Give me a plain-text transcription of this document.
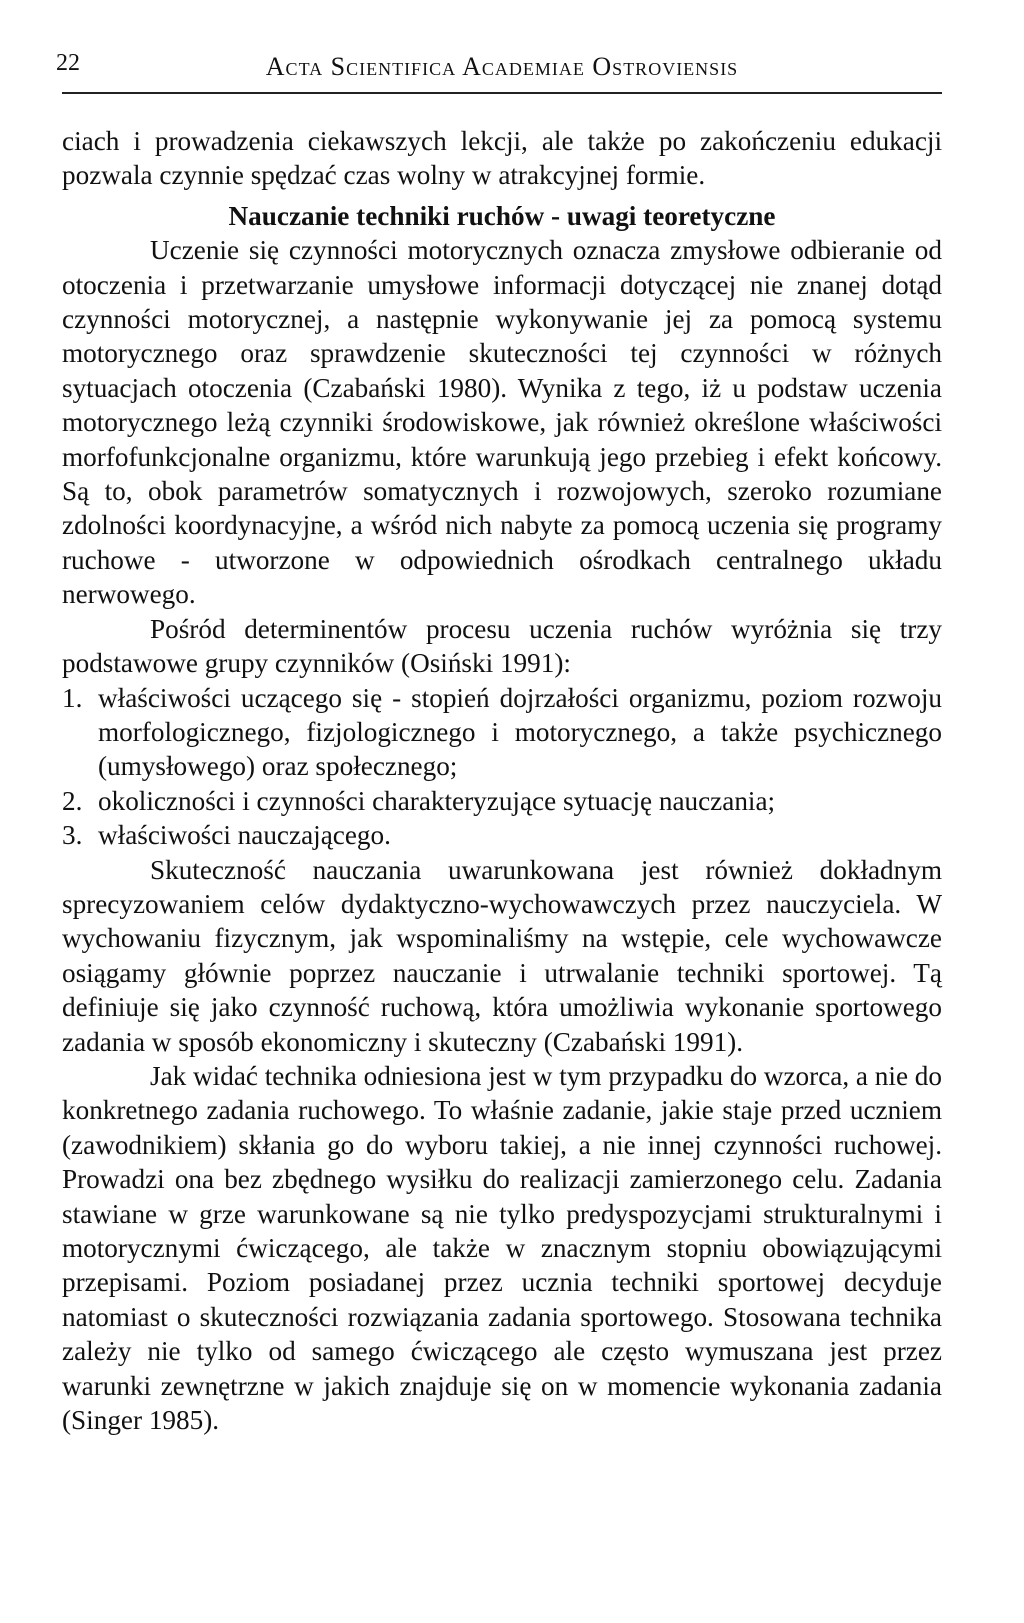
22	Acta Scientifica Academiae Ostroviensis

ciach i prowadzenia ciekawszych lekcji, ale także po zakończeniu edukacji pozwala czynnie spędzać czas wolny w atrakcyjnej formie.

Nauczanie techniki ruchów - uwagi teoretyczne

Uczenie się czynności motorycznych oznacza zmysłowe odbieranie od otoczenia i przetwarzanie umysłowe informacji dotyczącej nie znanej dotąd czynności motorycznej, a następnie wykonywanie jej za pomocą systemu motorycznego oraz sprawdzenie skuteczności tej czynności w różnych sytuacjach otoczenia (Czabański 1980). Wynika z tego, iż u podstaw uczenia motorycznego leżą czynniki środowiskowe, jak również określone właściwości morfofunkcjonalne organizmu, które warunkują jego przebieg i efekt końcowy. Są to, obok parametrów somatycznych i rozwojowych, szeroko rozumiane zdolności koordynacyjne, a wśród nich nabyte za pomocą uczenia się programy ruchowe - utworzone w odpowiednich ośrodkach centralnego układu nerwowego.

Pośród determinentów procesu uczenia ruchów wyróżnia się trzy podstawowe grupy czynników (Osiński 1991):

1. właściwości uczącego się - stopień dojrzałości organizmu, poziom rozwoju morfologicznego, fizjologicznego i motorycznego, a także psychicznego (umysłowego) oraz społecznego;
2. okoliczności i czynności charakteryzujące sytuację nauczania;
3. właściwości nauczającego.

Skuteczność nauczania uwarunkowana jest również dokładnym sprecyzowaniem celów dydaktyczno-wychowawczych przez nauczyciela. W wychowaniu fizycznym, jak wspominaliśmy na wstępie, cele wychowawcze osiągamy głównie poprzez nauczanie i utrwalanie techniki sportowej. Tą definiuje się jako czynność ruchową, która umożliwia wykonanie sportowego zadania w sposób ekonomiczny i skuteczny (Czabański 1991).

Jak widać technika odniesiona jest w tym przypadku do wzorca, a nie do konkretnego zadania ruchowego. To właśnie zadanie, jakie staje przed uczniem (zawodnikiem) skłania go do wyboru takiej, a nie innej czynności ruchowej. Prowadzi ona bez zbędnego wysiłku do realizacji zamierzonego celu. Zadania stawiane w grze warunkowane są nie tylko predyspozycjami strukturalnymi i motorycznymi ćwiczącego, ale także w znacznym stopniu obowiązującymi przepisami. Poziom posiadanej przez ucznia techniki sportowej decyduje natomiast o skuteczności rozwiązania zadania sportowego. Stosowana technika zależy nie tylko od samego ćwiczącego ale często wymuszana jest przez warunki zewnętrzne w jakich znajduje się on w momencie wykonania zadania (Singer 1985).
